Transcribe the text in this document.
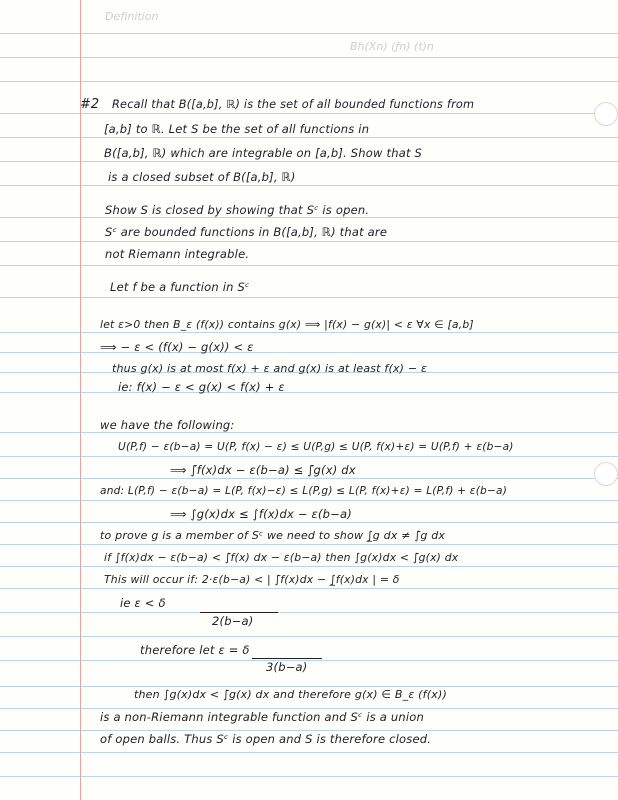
Definition
Bh(Xn) (ƒn) (t)n
#2 Recall that B([a,b], ℝ) is the set of all bounded functions from
[a,b] to ℝ. Let S be the set of all functions in
B([a,b], ℝ) which are integrable on [a,b]. Show that S
is a closed subset of B([a,b], ℝ)
Show S is closed by showing that Sᶜ is open.
Sᶜ are bounded functions in B([a,b], ℝ) that are
not Riemann integrable.
Let f be a function in Sᶜ
let ε>0 then B_ε (f(x)) contains g(x) ⟹ |f(x) − g(x)| < ε ∀x ∈ [a,b]
⟹ − ε < (f(x) − g(x)) < ε
thus g(x) is at most f(x) + ε and g(x) is at least f(x) − ε
ie: f(x) − ε < g(x) < f(x) + ε
we have the following:
U(P,f) − ε(b−a) = U(P, f(x) − ε) ≤ U(P,g) ≤ U(P, f(x)+ε) = U(P,f) + ε(b−a)
⟹ ∫̄f(x)dx − ε(b−a) ≤ ∫̄g(x) dx
and: L(P,f) − ε(b−a) = L(P, f(x)−ε) ≤ L(P,g) ≤ L(P, f(x)+ε) = L(P,f) + ε(b−a)
⟹ ∫g(x)dx ≤ ∫f(x)dx − ε(b−a)
to prove g is a member of Sᶜ we need to show ∫̲g dx ≠ ∫̄g dx
if ∫f(x)dx − ε(b−a) < ∫̄f(x) dx − ε(b−a) then ∫g(x)dx < ∫̄g(x) dx
This will occur if: 2·ε(b−a) < | ∫̄f(x)dx − ∫̲f(x)dx | = δ
ie ε < δ
2(b−a)
therefore let ε = δ
3(b−a)
then ∫g(x)dx < ∫̄g(x) dx and therefore g(x) ∈ B_ε (f(x))
is a non-Riemann integrable function and Sᶜ is a union
of open balls. Thus Sᶜ is open and S is therefore closed.
